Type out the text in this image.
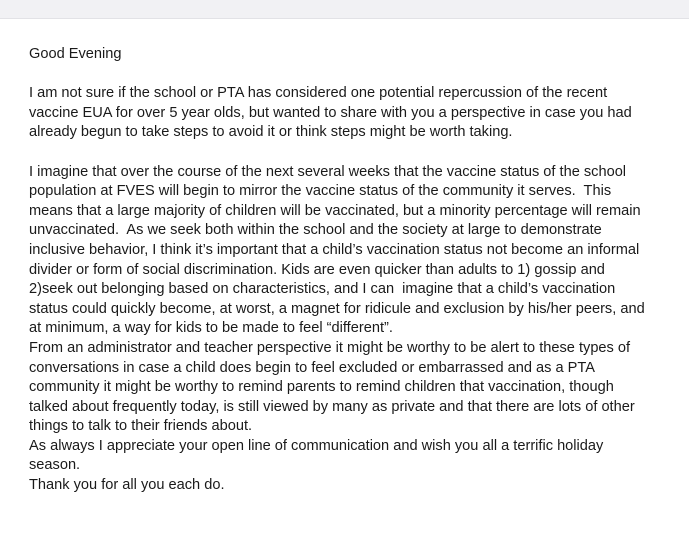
Good Evening
I am not sure if the school or PTA has considered one potential repercussion of the recent
vaccine EUA for over 5 year olds, but wanted to share with you a perspective in case you had
already begun to take steps to avoid it or think steps might be worth taking.
I imagine that over the course of the next several weeks that the vaccine status of the school
population at FVES will begin to mirror the vaccine status of the community it serves.  This
means that a large majority of children will be vaccinated, but a minority percentage will remain
unvaccinated.  As we seek both within the school and the society at large to demonstrate
inclusive behavior, I think it’s important that a child’s vaccination status not become an informal
divider or form of social discrimination. Kids are even quicker than adults to 1) gossip and
2)seek out belonging based on characteristics, and I can  imagine that a child’s vaccination
status could quickly become, at worst, a magnet for ridicule and exclusion by his/her peers, and
at minimum, a way for kids to be made to feel “different”.
From an administrator and teacher perspective it might be worthy to be alert to these types of
conversations in case a child does begin to feel excluded or embarrassed and as a PTA
community it might be worthy to remind parents to remind children that vaccination, though
talked about frequently today, is still viewed by many as private and that there are lots of other
things to talk to their friends about.
As always I appreciate your open line of communication and wish you all a terrific holiday
season.
Thank you for all you each do.
